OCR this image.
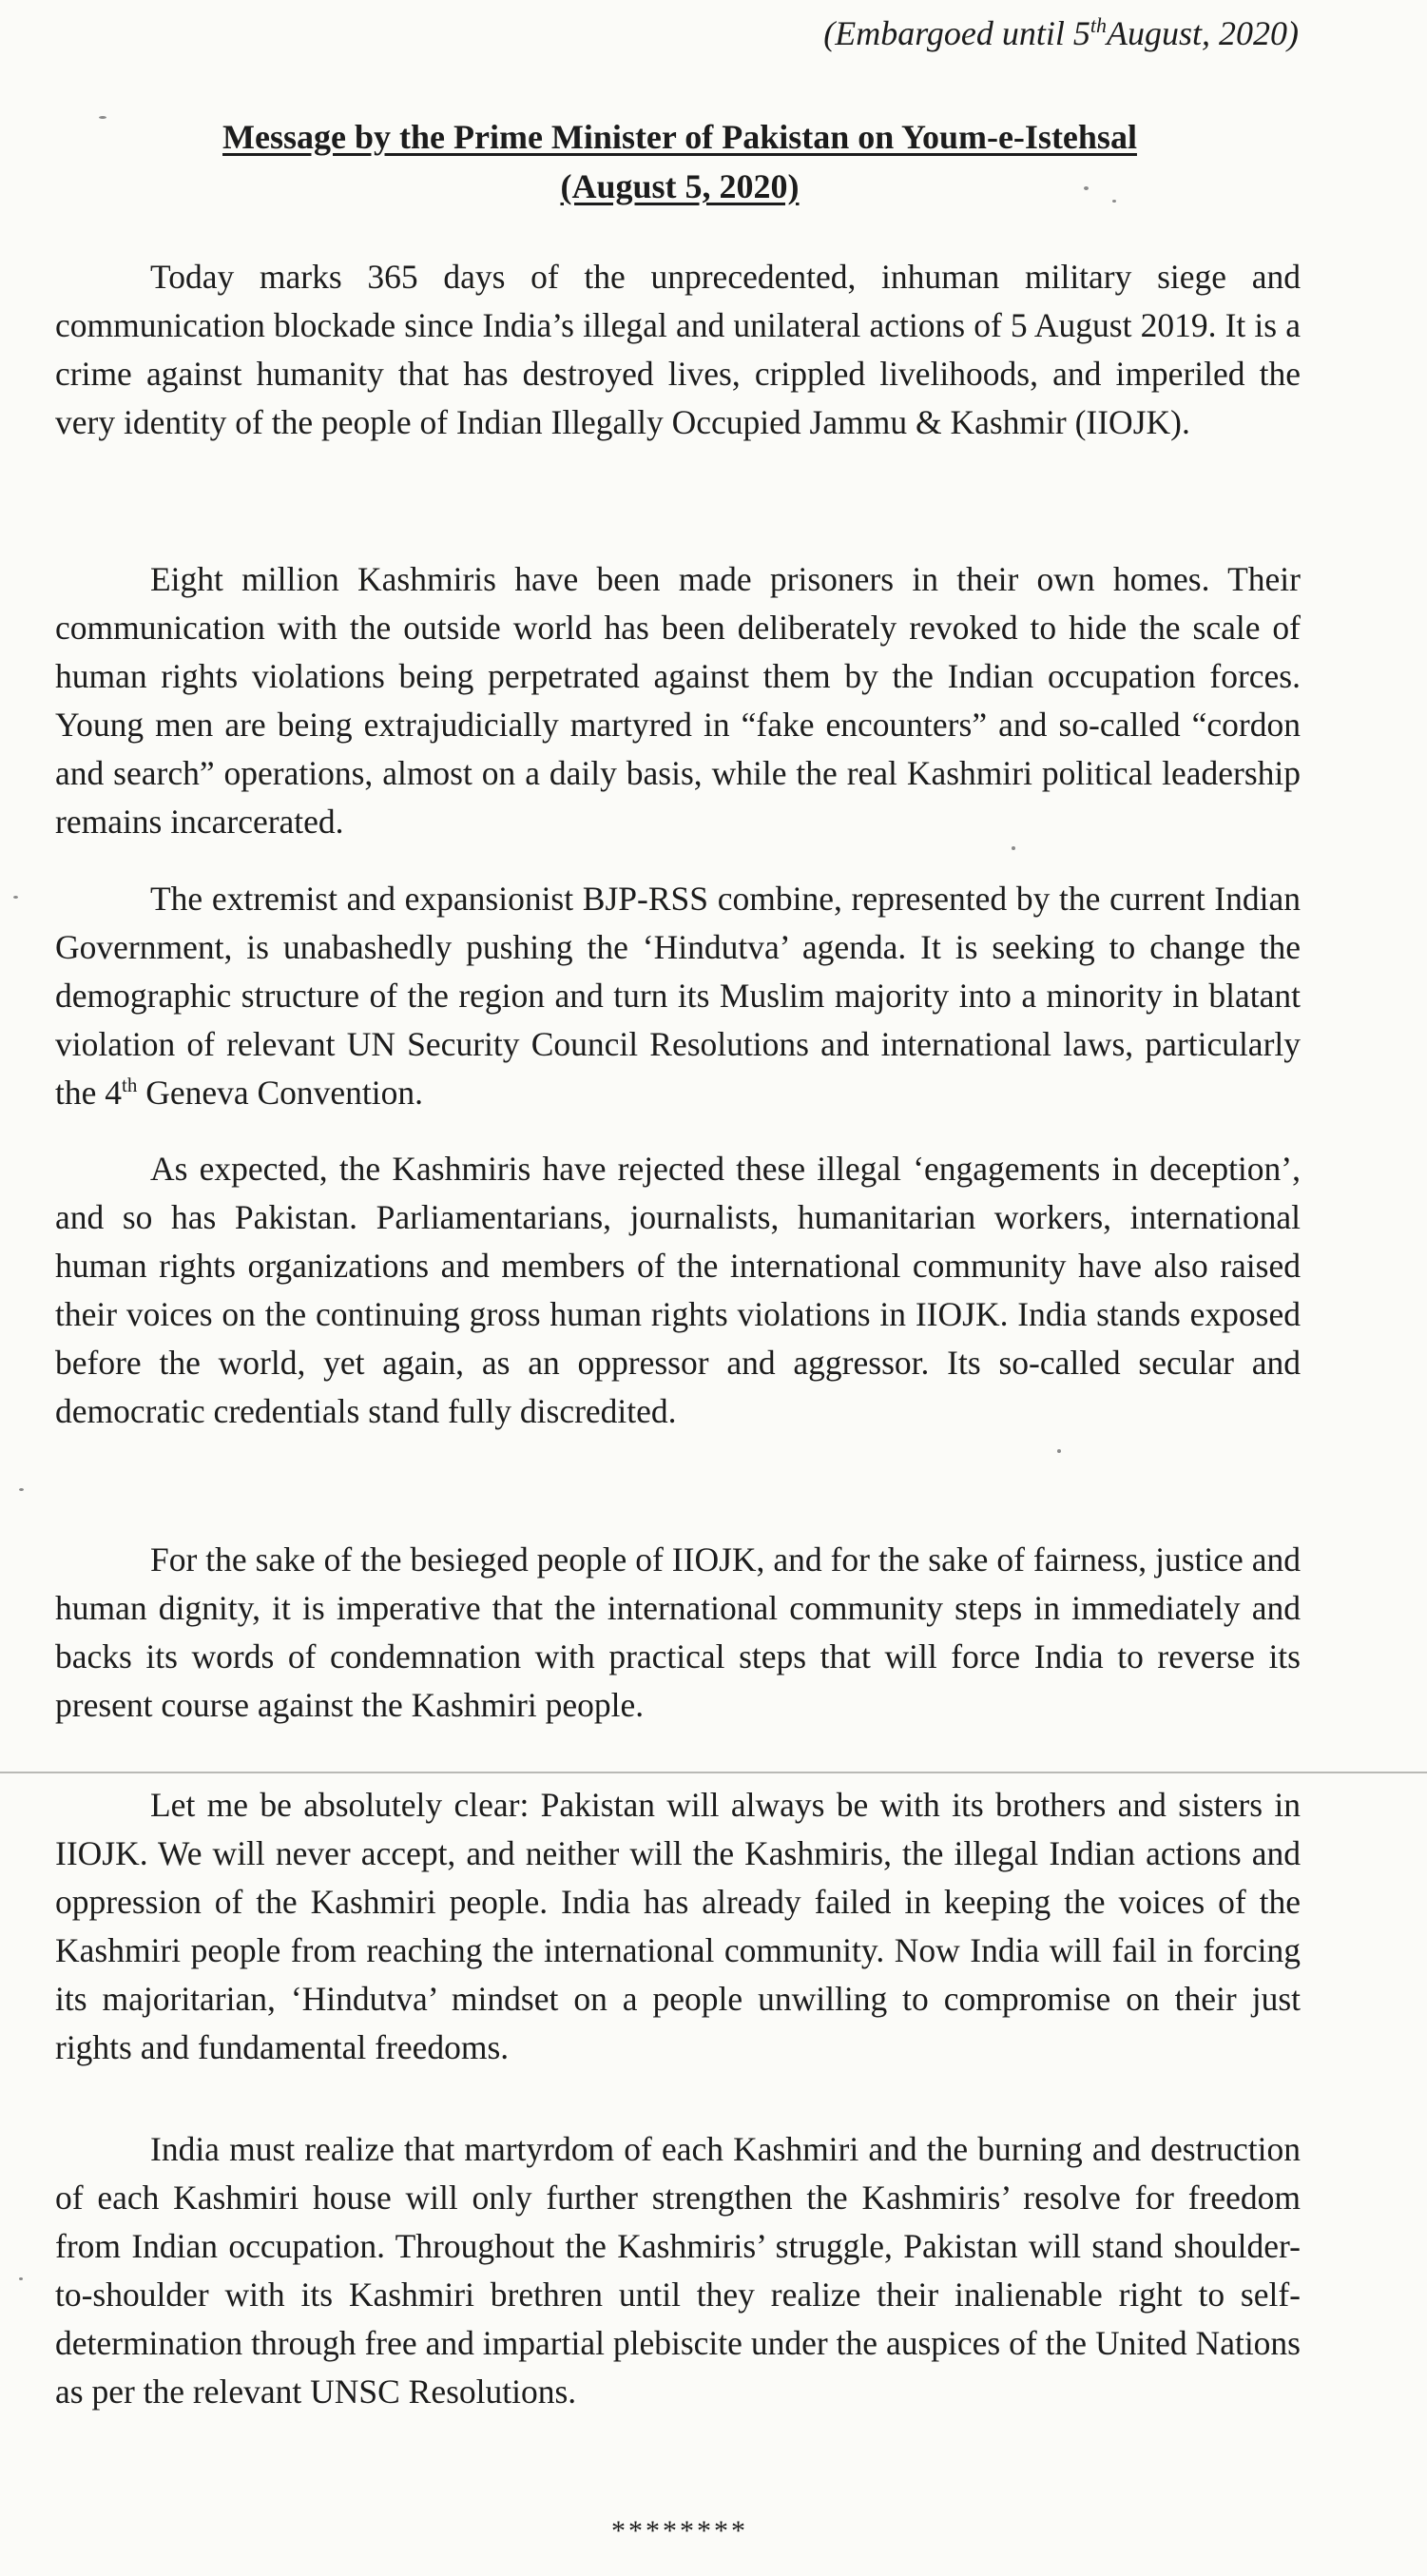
(Embargoed until 5thAugust, 2020)
Message by the Prime Minister of Pakistan on Youm-e-Istehsal
(August 5, 2020)

Today marks 365 days of the unprecedented, inhuman military siege and communication blockade since India’s illegal and unilateral actions of 5 August 2019. It is a crime against humanity that has destroyed lives, crippled livelihoods, and imperiled the very identity of the people of Indian Illegally Occupied Jammu & Kashmir (IIOJK).

Eight million Kashmiris have been made prisoners in their own homes. Their communication with the outside world has been deliberately revoked to hide the scale of human rights violations being perpetrated against them by the Indian occupation forces. Young men are being extrajudicially martyred in “fake encounters” and so-called “cordon and search” operations, almost on a daily basis, while the real Kashmiri political leadership remains incarcerated.

The extremist and expansionist BJP-RSS combine, represented by the current Indian Government, is unabashedly pushing the ‘Hindutva’ agenda. It is seeking to change the demographic structure of the region and turn its Muslim majority into a minority in blatant violation of relevant UN Security Council Resolutions and international laws, particularly the 4th Geneva Convention.

As expected, the Kashmiris have rejected these illegal ‘engagements in deception’, and so has Pakistan. Parliamentarians, journalists, humanitarian workers, international human rights organizations and members of the international community have also raised their voices on the continuing gross human rights violations in IIOJK. India stands exposed before the world, yet again, as an oppressor and aggressor. Its so-called secular and democratic credentials stand fully discredited.

For the sake of the besieged people of IIOJK, and for the sake of fairness, justice and human dignity, it is imperative that the international community steps in immediately and backs its words of condemnation with practical steps that will force India to reverse its present course against the Kashmiri people.

Let me be absolutely clear: Pakistan will always be with its brothers and sisters in IIOJK. We will never accept, and neither will the Kashmiris, the illegal Indian actions and oppression of the Kashmiri people. India has already failed in keeping the voices of the Kashmiri people from reaching the international community. Now India will fail in forcing its majoritarian, ‘Hindutva’ mindset on a people unwilling to compromise on their just rights and fundamental freedoms.

India must realize that martyrdom of each Kashmiri and the burning and destruction of each Kashmiri house will only further strengthen the Kashmiris’ resolve for freedom from Indian occupation. Throughout the Kashmiris’ struggle, Pakistan will stand shoulder-to-shoulder with its Kashmiri brethren until they realize their inalienable right to self-determination through free and impartial plebiscite under the auspices of the United Nations as per the relevant UNSC Resolutions.

********
